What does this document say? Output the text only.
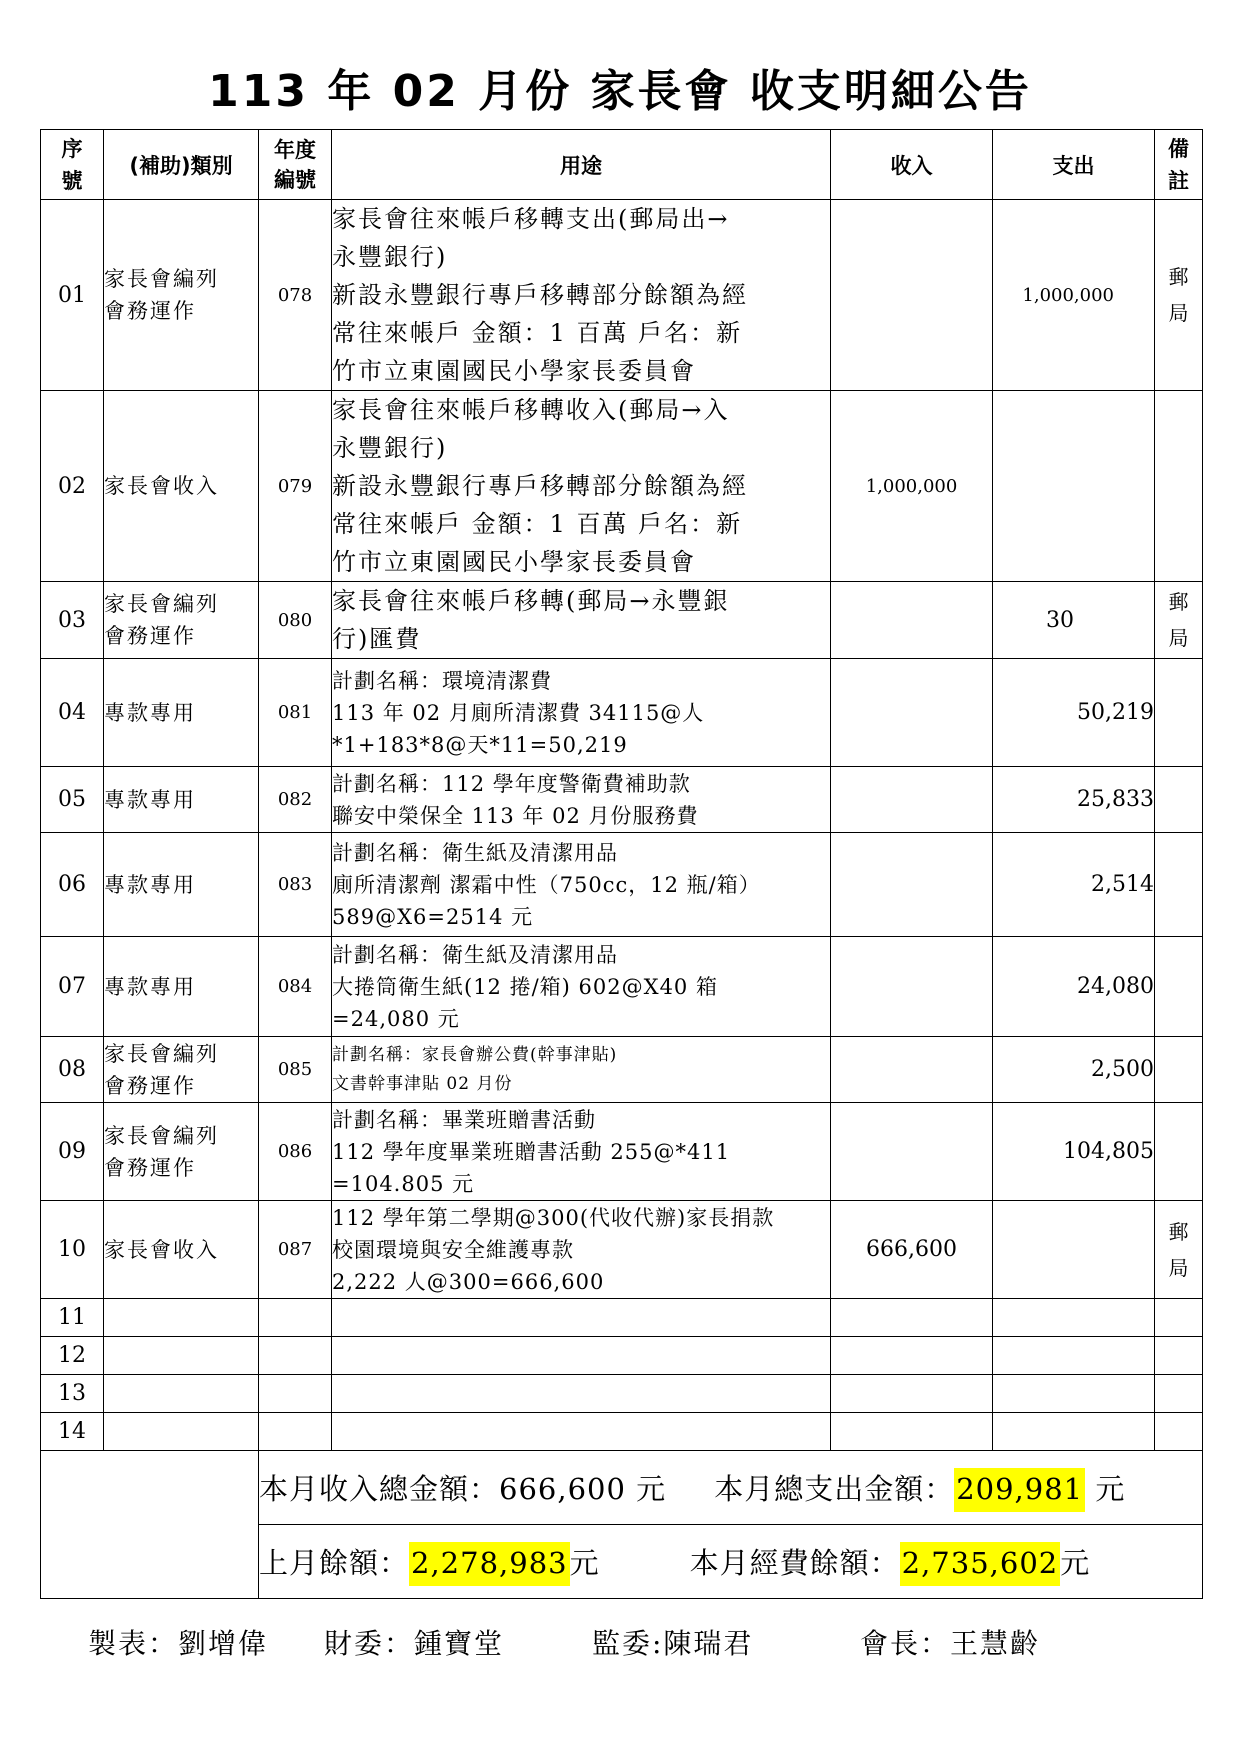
113 年 02 月份 家長會 收支明細公告
序
號	(補助)類別	年度
編號	用途	收入	支出	備
註

01	家長會編列
會務運作	078	家長會往來帳戶移轉支出(郵局出→
永豐銀行)
新設永豐銀行專戶移轉部分餘額為經
常往來帳戶 金額：1 百萬 戶名：新
竹市立東園國民小學家長委員會		1,000,000	郵
局

02	家長會收入	079	家長會往來帳戶移轉收入(郵局→入
永豐銀行)
新設永豐銀行專戶移轉部分餘額為經
常往來帳戶 金額：1 百萬 戶名：新
竹市立東園國民小學家長委員會	1,000,000		
03	家長會編列
會務運作	080	家長會往來帳戶移轉(郵局→永豐銀
行)匯費		30	郵
局

04	專款專用	081	計劃名稱：環境清潔費
113 年 02 月廁所清潔費 34115@人
*1+183*8@天*11=50,219		50,219	
05	專款專用	082	計劃名稱：112 學年度警衛費補助款
聯安中榮保全 113 年 02 月份服務費		25,833	
06	專款專用	083	計劃名稱：衛生紙及清潔用品
廁所清潔劑 潔霜中性（750cc，12 瓶/箱）
589@X6=2514 元		2,514	
07	專款專用	084	計劃名稱：衛生紙及清潔用品
大捲筒衛生紙(12 捲/箱) 602@X40 箱
=24,080 元		24,080	
08	家長會編列
會務運作	085	計劃名稱：家長會辦公費(幹事津貼)
文書幹事津貼 02 月份		2,500	
09	家長會編列
會務運作	086	計劃名稱：畢業班贈書活動
112 學年度畢業班贈書活動 255@*411
=104.805 元		104,805	
10	家長會收入	087	112 學年第二學期@300(代收代辦)家長捐款
校園環境與安全維護專款
2,222 人@300=666,600	666,600		郵
局

11						
12						
13						
14						
		本月收入總金額：666,600 元 本月總支出金額：209,981 元				
		上月餘額：2,278,983元 本月經費餘額：2,735,602元				
製表：劉增偉 財委：鍾寶堂	監委:陳瑞君	會長：王慧齡
